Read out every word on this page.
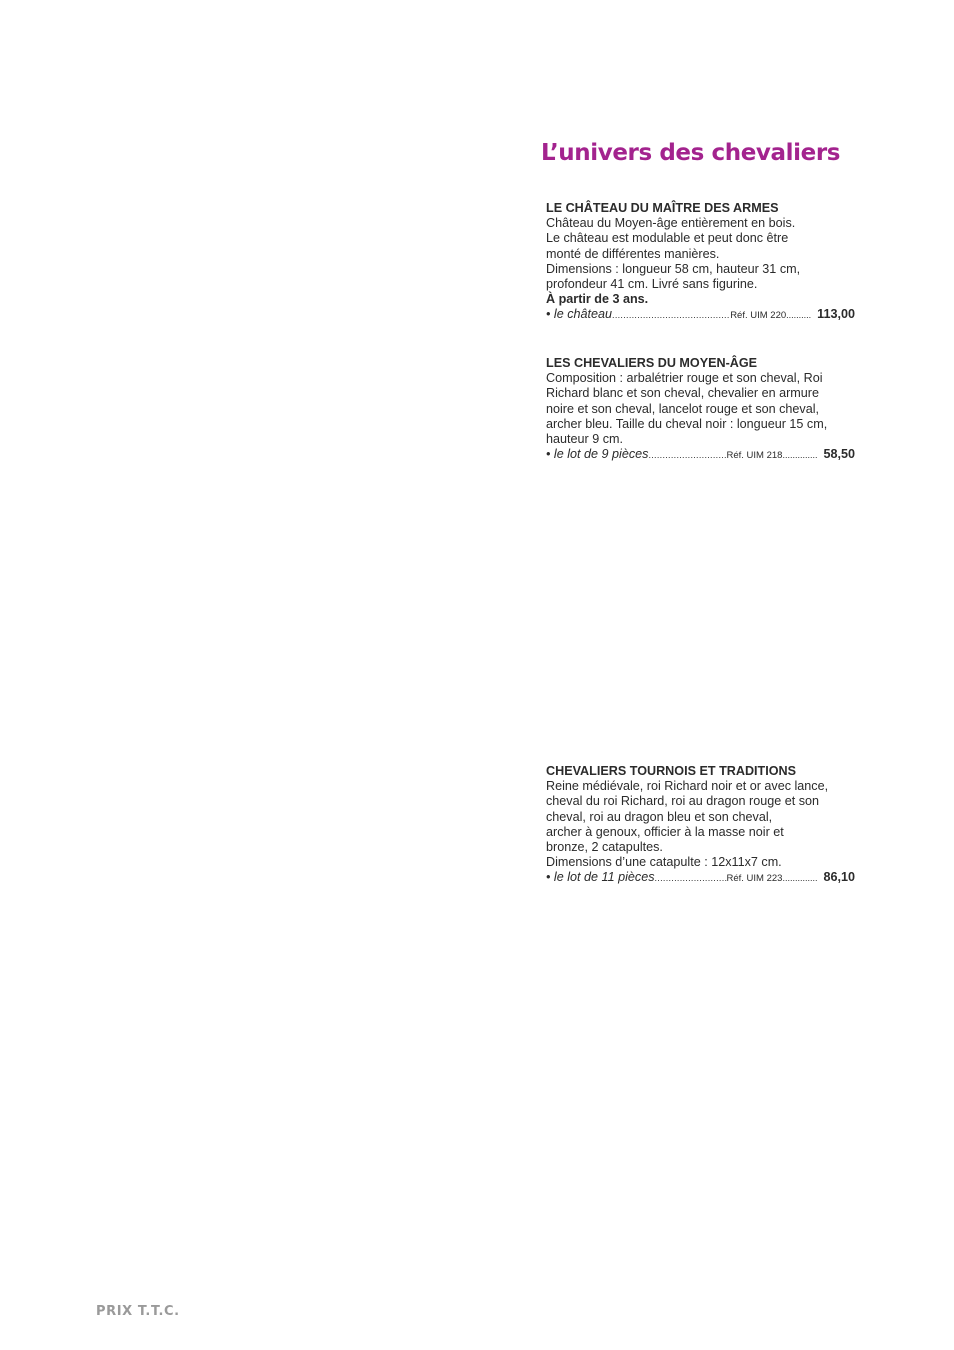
L’univers des chevaliers

LE CHÂTEAU DU MAÎTRE DES ARMES

Château du Moyen-âge entièrement en bois.

Le château est modulable et peut donc être

monté de différentes manières.

Dimensions : longueur 58 cm, hauteur 31 cm,

profondeur 41 cm. Livré sans figurine.

À partir de 3 ans.

• le château .....	Réf. UIM 220 .......... 113,00

LES CHEVALIERS DU MOYEN-ÂGE

Composition : arbalétrier rouge et son cheval, Roi

Richard blanc et son cheval, chevalier en armure

noire et son cheval, lancelot rouge et son cheval,

archer bleu. Taille du cheval noir : longueur 15 cm,

hauteur 9 cm.

• le lot de 9 pièces .....	Réf. UIM 218 .............. 58,50

CHEVALIERS TOURNOIS ET TRADITIONS

Reine médiévale, roi Richard noir et or avec lance,

cheval du roi Richard, roi au dragon rouge et son

cheval, roi au dragon bleu et son cheval,

archer à genoux, officier à la masse noir et

bronze, 2 catapultes.

Dimensions d’une catapulte : 12x11x7 cm.

• le lot de 11 pièces .....	Réf. UIM 223 .............. 86,10

PRIX T.T.C.
